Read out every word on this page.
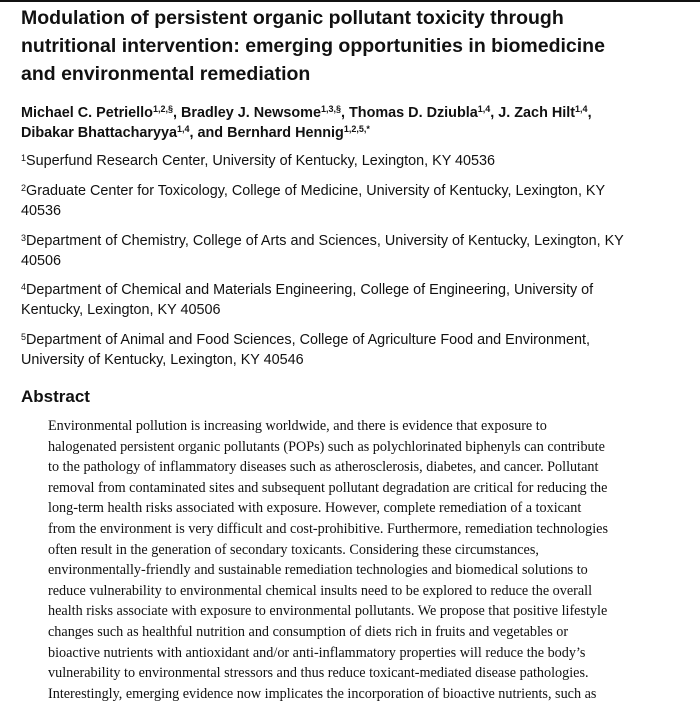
Modulation of persistent organic pollutant toxicity through
nutritional intervention: emerging opportunities in biomedicine
and environmental remediation
Michael C. Petriello$^{1,2,\S}$, Bradley J. Newsome$^{1,3,\S}$, Thomas D. Dziubla$^{1,4}$, J. Zach Hilt$^{1,4}$,
Dibakar Bhattacharyya$^{1,4}$, and Bernhard Hennig$^{1,2,5,*}$
$^1$Superfund Research Center, University of Kentucky, Lexington, KY 40536
$^2$Graduate Center for Toxicology, College of Medicine, University of Kentucky, Lexington, KY
40536
$^3$Department of Chemistry, College of Arts and Sciences, University of Kentucky, Lexington, KY
40506
$^4$Department of Chemical and Materials Engineering, College of Engineering, University of
Kentucky, Lexington, KY 40506
$^5$Department of Animal and Food Sciences, College of Agriculture Food and Environment,
University of Kentucky, Lexington, KY 40546
Abstract
Environmental pollution is increasing worldwide, and there is evidence that exposure to
halogenated persistent organic pollutants (POPs) such as polychlorinated biphenyls can contribute
to the pathology of inflammatory diseases such as atherosclerosis, diabetes, and cancer. Pollutant
removal from contaminated sites and subsequent pollutant degradation are critical for reducing the
long-term health risks associated with exposure. However, complete remediation of a toxicant
from the environment is very difficult and cost-prohibitive. Furthermore, remediation technologies
often result in the generation of secondary toxicants. Considering these circumstances,
environmentally-friendly and sustainable remediation technologies and biomedical solutions to
reduce vulnerability to environmental chemical insults need to be explored to reduce the overall
health risks associate with exposure to environmental pollutants. We propose that positive lifestyle
changes such as healthful nutrition and consumption of diets rich in fruits and vegetables or
bioactive nutrients with antioxidant and/or anti-inflammatory properties will reduce the body’s
vulnerability to environmental stressors and thus reduce toxicant-mediated disease pathologies.
Interestingly, emerging evidence now implicates the incorporation of bioactive nutrients, such as
